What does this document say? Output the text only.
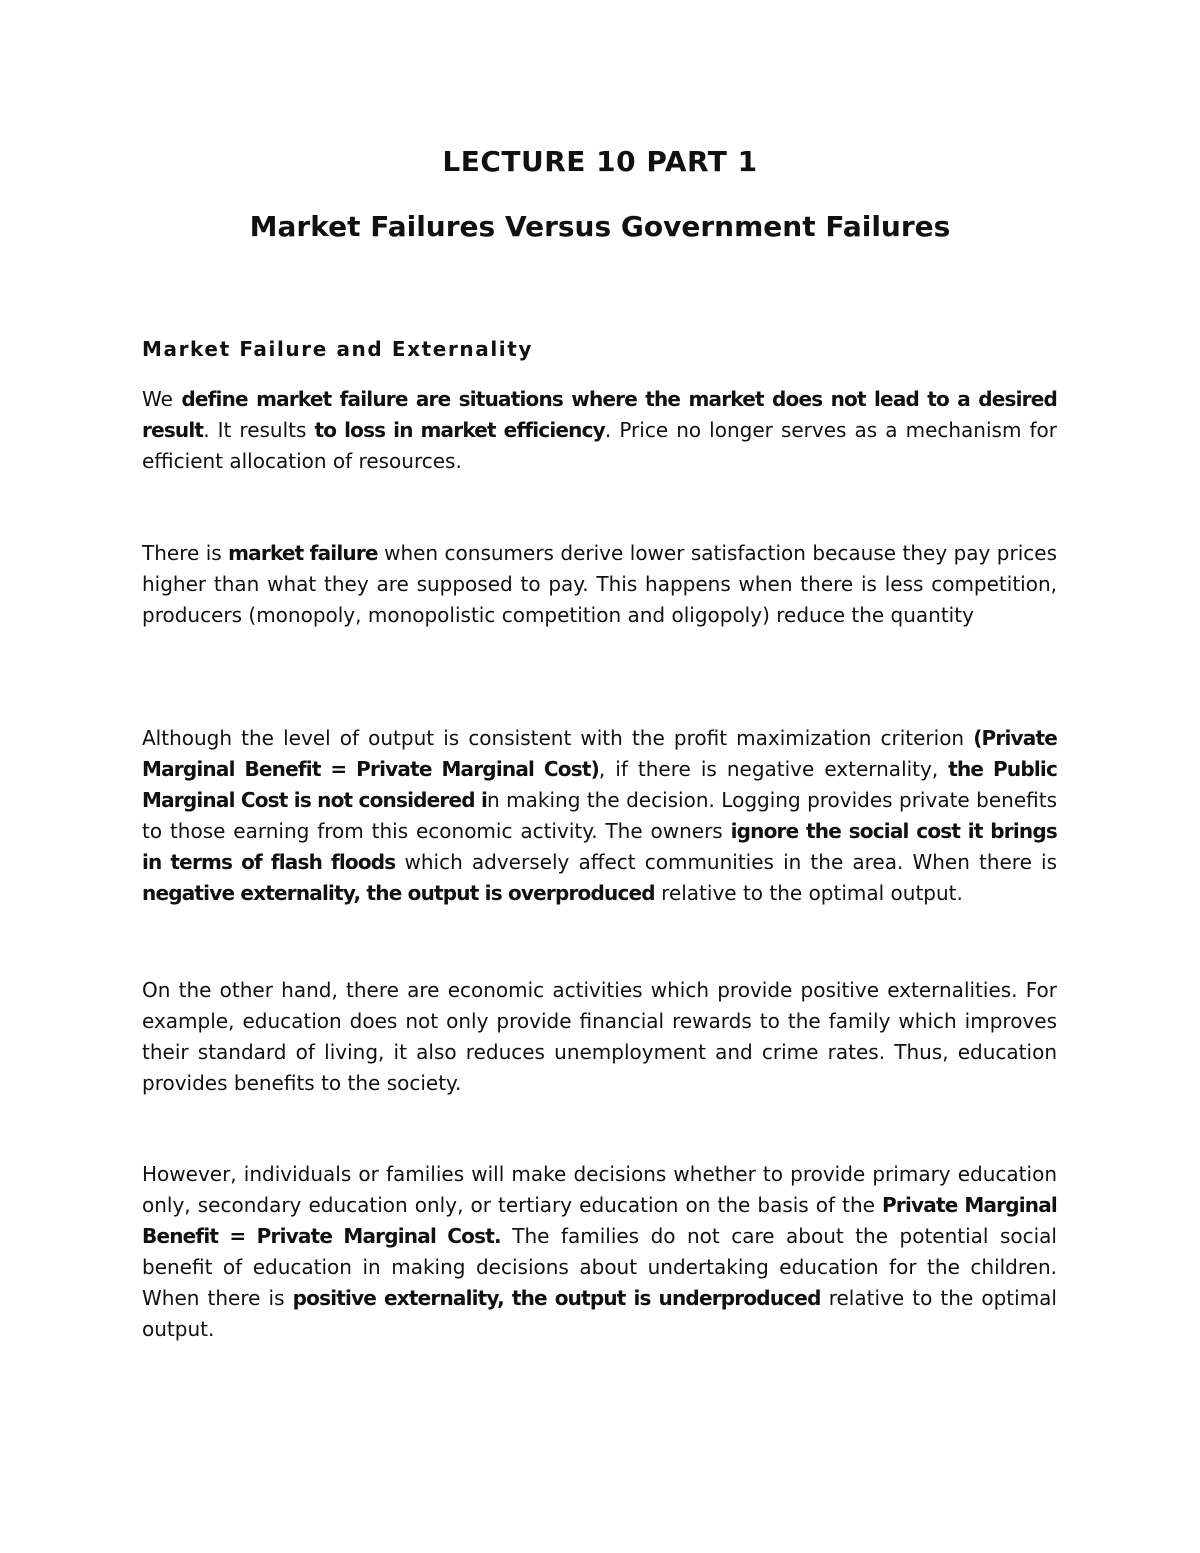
LECTURE 10 PART 1
Market Failures Versus Government Failures
Market Failure and Externality

We define market failure are situations where the market does not lead to a desired result. It results to loss in market efficiency. Price no longer serves as a mechanism for efficient allocation of resources.

There is market failure when consumers derive lower satisfaction because they pay prices higher than what they are supposed to pay. This happens when there is less competition, producers (monopoly, monopolistic competition and oligopoly) reduce the quantity

Although the level of output is consistent with the profit maximization criterion (Private Marginal Benefit = Private Marginal Cost), if there is negative externality, the Public Marginal Cost is not considered in making the decision. Logging provides private benefits to those earning from this economic activity. The owners ignore the social cost it brings in terms of flash floods which adversely affect communities in the area. When there is negative externality, the output is overproduced relative to the optimal output.

On the other hand, there are economic activities which provide positive externalities. For example, education does not only provide financial rewards to the family which improves their standard of living, it also reduces unemployment and crime rates. Thus, education provides benefits to the society.

However, individuals or families will make decisions whether to provide primary education only, secondary education only, or tertiary education on the basis of the Private Marginal Benefit = Private Marginal Cost. The families do not care about the potential social benefit of education in making decisions about undertaking education for the children. When there is positive externality, the output is underproduced relative to the optimal output.
